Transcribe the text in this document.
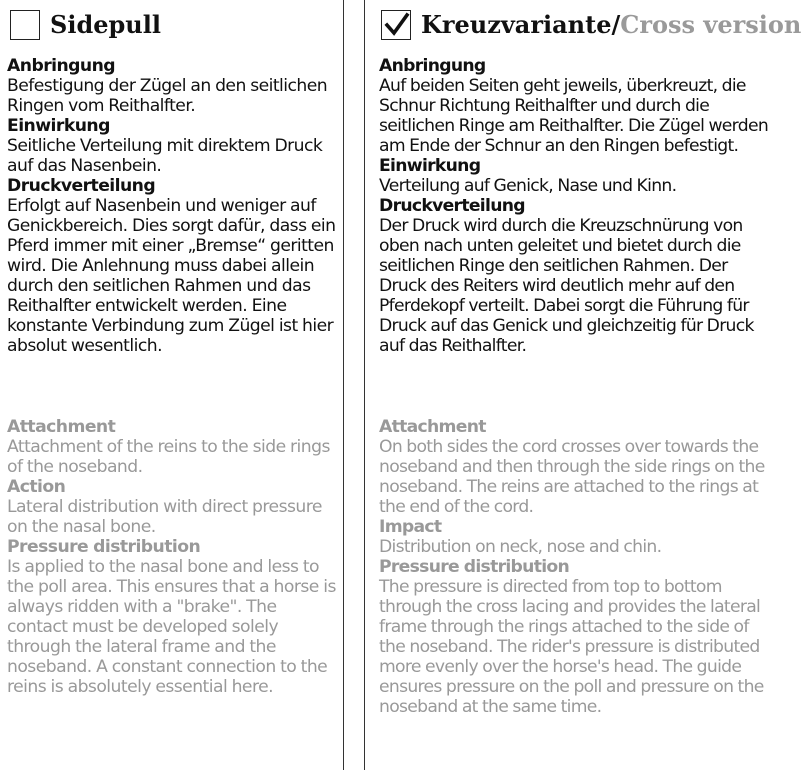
Sidepull
Anbringung

Befestigung der Zügel an den seitlichen Ringen vom Reithalfter.

Einwirkung

Seitliche Verteilung mit direktem Druck auf das Nasenbein.

Druckverteilung

Erfolgt auf Nasenbein und weniger auf Genickbereich. Dies sorgt dafür, dass ein Pferd immer mit einer „Bremse“ geritten wird. Die Anlehnung muss dabei allein durch den seitlichen Rahmen und das Reithalfter entwickelt werden. Eine konstante Verbindung zum Zügel ist hier absolut wesentlich.

Attachment

Attachment of the reins to the side rings of the noseband.

Action

Lateral distribution with direct pressure on the nasal bone.

Pressure distribution

Is applied to the nasal bone and less to the poll area. This ensures that a horse is always ridden with a "brake". The contact must be developed solely through the lateral frame and the noseband. A constant connection to the reins is absolutely essential here.

Kreuzvariante/ Cross version
Anbringung

Auf beiden Seiten geht jeweils, überkreuzt, die Schnur Richtung Reithalfter und durch die seitlichen Ringe am Reithalfter. Die Zügel werden am Ende der Schnur an den Ringen befestigt.

Einwirkung

Verteilung auf Genick, Nase und Kinn.

Druckverteilung

Der Druck wird durch die Kreuzschnürung von oben nach unten geleitet und bietet durch die seitlichen Ringe den seitlichen Rahmen. Der Druck des Reiters wird deutlich mehr auf den Pferdekopf verteilt. Dabei sorgt die Führung für Druck auf das Genick und gleichzeitig für Druck auf das Reithalfter.

Attachment

On both sides the cord crosses over towards the noseband and then through the side rings on the noseband. The reins are attached to the rings at the end of the cord.

Impact

Distribution on neck, nose and chin.

Pressure distribution

The pressure is directed from top to bottom through the cross lacing and provides the lateral frame through the rings attached to the side of the noseband. The rider's pressure is distributed more evenly over the horse's head. The guide ensures pressure on the poll and pressure on the noseband at the same time.
